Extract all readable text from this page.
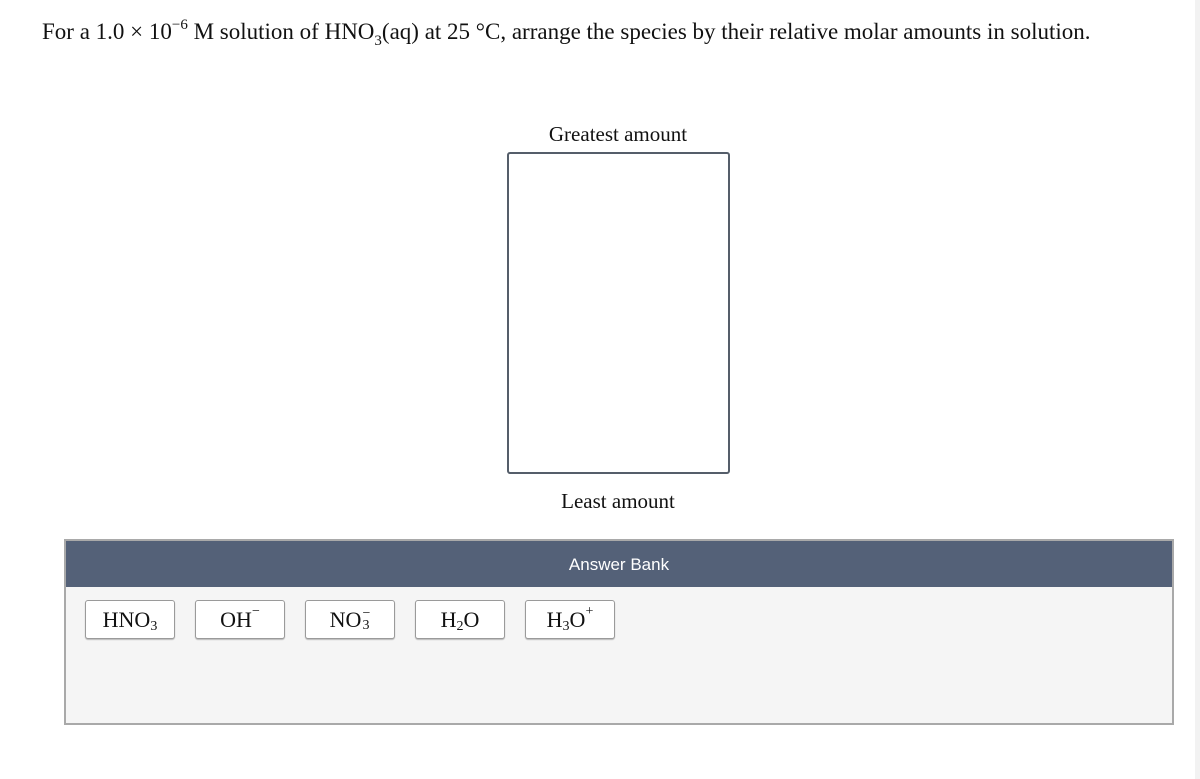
For a $1.0 \times 10^{-6}$ M solution of $HNO_3(aq)$ at 25 °C, arrange the species by their relative molar amounts in solution.
Greatest amount
Least amount
Answer Bank
HNO 3	OH −	NO −
3	H 2 O	H 3 O +
